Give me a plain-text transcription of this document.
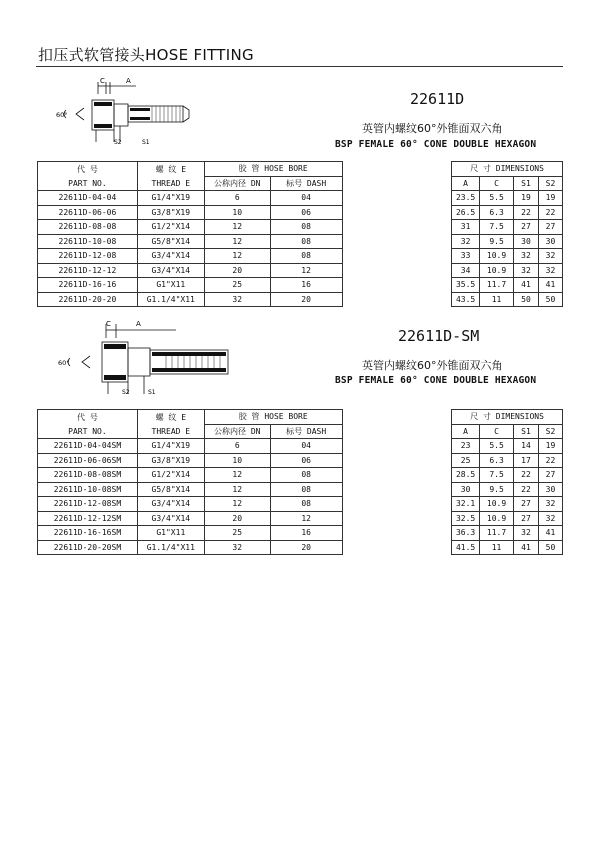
扣压式软管接头HOSE FITTING
C	A
60°
S2	S1
22611D
英管内螺纹60°外锥面双六角
BSP FEMALE 60° CONE DOUBLE HEXAGON
代 号	螺 纹 E	胶 管 HOSE BORE			尺 寸 DIMENSIONS			
PART NO.	THREAD E	公称内径 DN	标号 DASH		A	C	S1	S2
22611D-04-04	G1/4"X19	6	04		23.5	5.5	19	19
22611D-06-06	G3/8"X19	10	06		26.5	6.3	22	22
22611D-08-08	G1/2"X14	12	08		31	7.5	27	27
22611D-10-08	G5/8"X14	12	08		32	9.5	30	30
22611D-12-08	G3/4"X14	12	08		33	10.9	32	32
22611D-12-12	G3/4"X14	20	12		34	10.9	32	32
22611D-16-16	G1"X11	25	16		35.5	11.7	41	41
22611D-20-20	G1.1/4"X11	32	20		43.5	11	50	50
C	A
60°
S2	S1
22611D-SM
英管内螺纹60°外锥面双六角
BSP FEMALE 60° CONE DOUBLE HEXAGON
代 号	螺 纹 E	胶 管 HOSE BORE			尺 寸 DIMENSIONS			
PART NO.	THREAD E	公称内径 DN	标号 DASH		A	C	S1	S2
22611D-04-04SM	G1/4"X19	6	04		23	5.5	14	19
22611D-06-06SM	G3/8"X19	10	06		25	6.3	17	22
22611D-08-08SM	G1/2"X14	12	08		28.5	7.5	22	27
22611D-10-08SM	G5/8"X14	12	08		30	9.5	22	30
22611D-12-08SM	G3/4"X14	12	08		32.1	10.9	27	32
22611D-12-12SM	G3/4"X14	20	12		32.5	10.9	27	32
22611D-16-16SM	G1"X11	25	16		36.3	11.7	32	41
22611D-20-20SM	G1.1/4"X11	32	20		41.5	11	41	50
